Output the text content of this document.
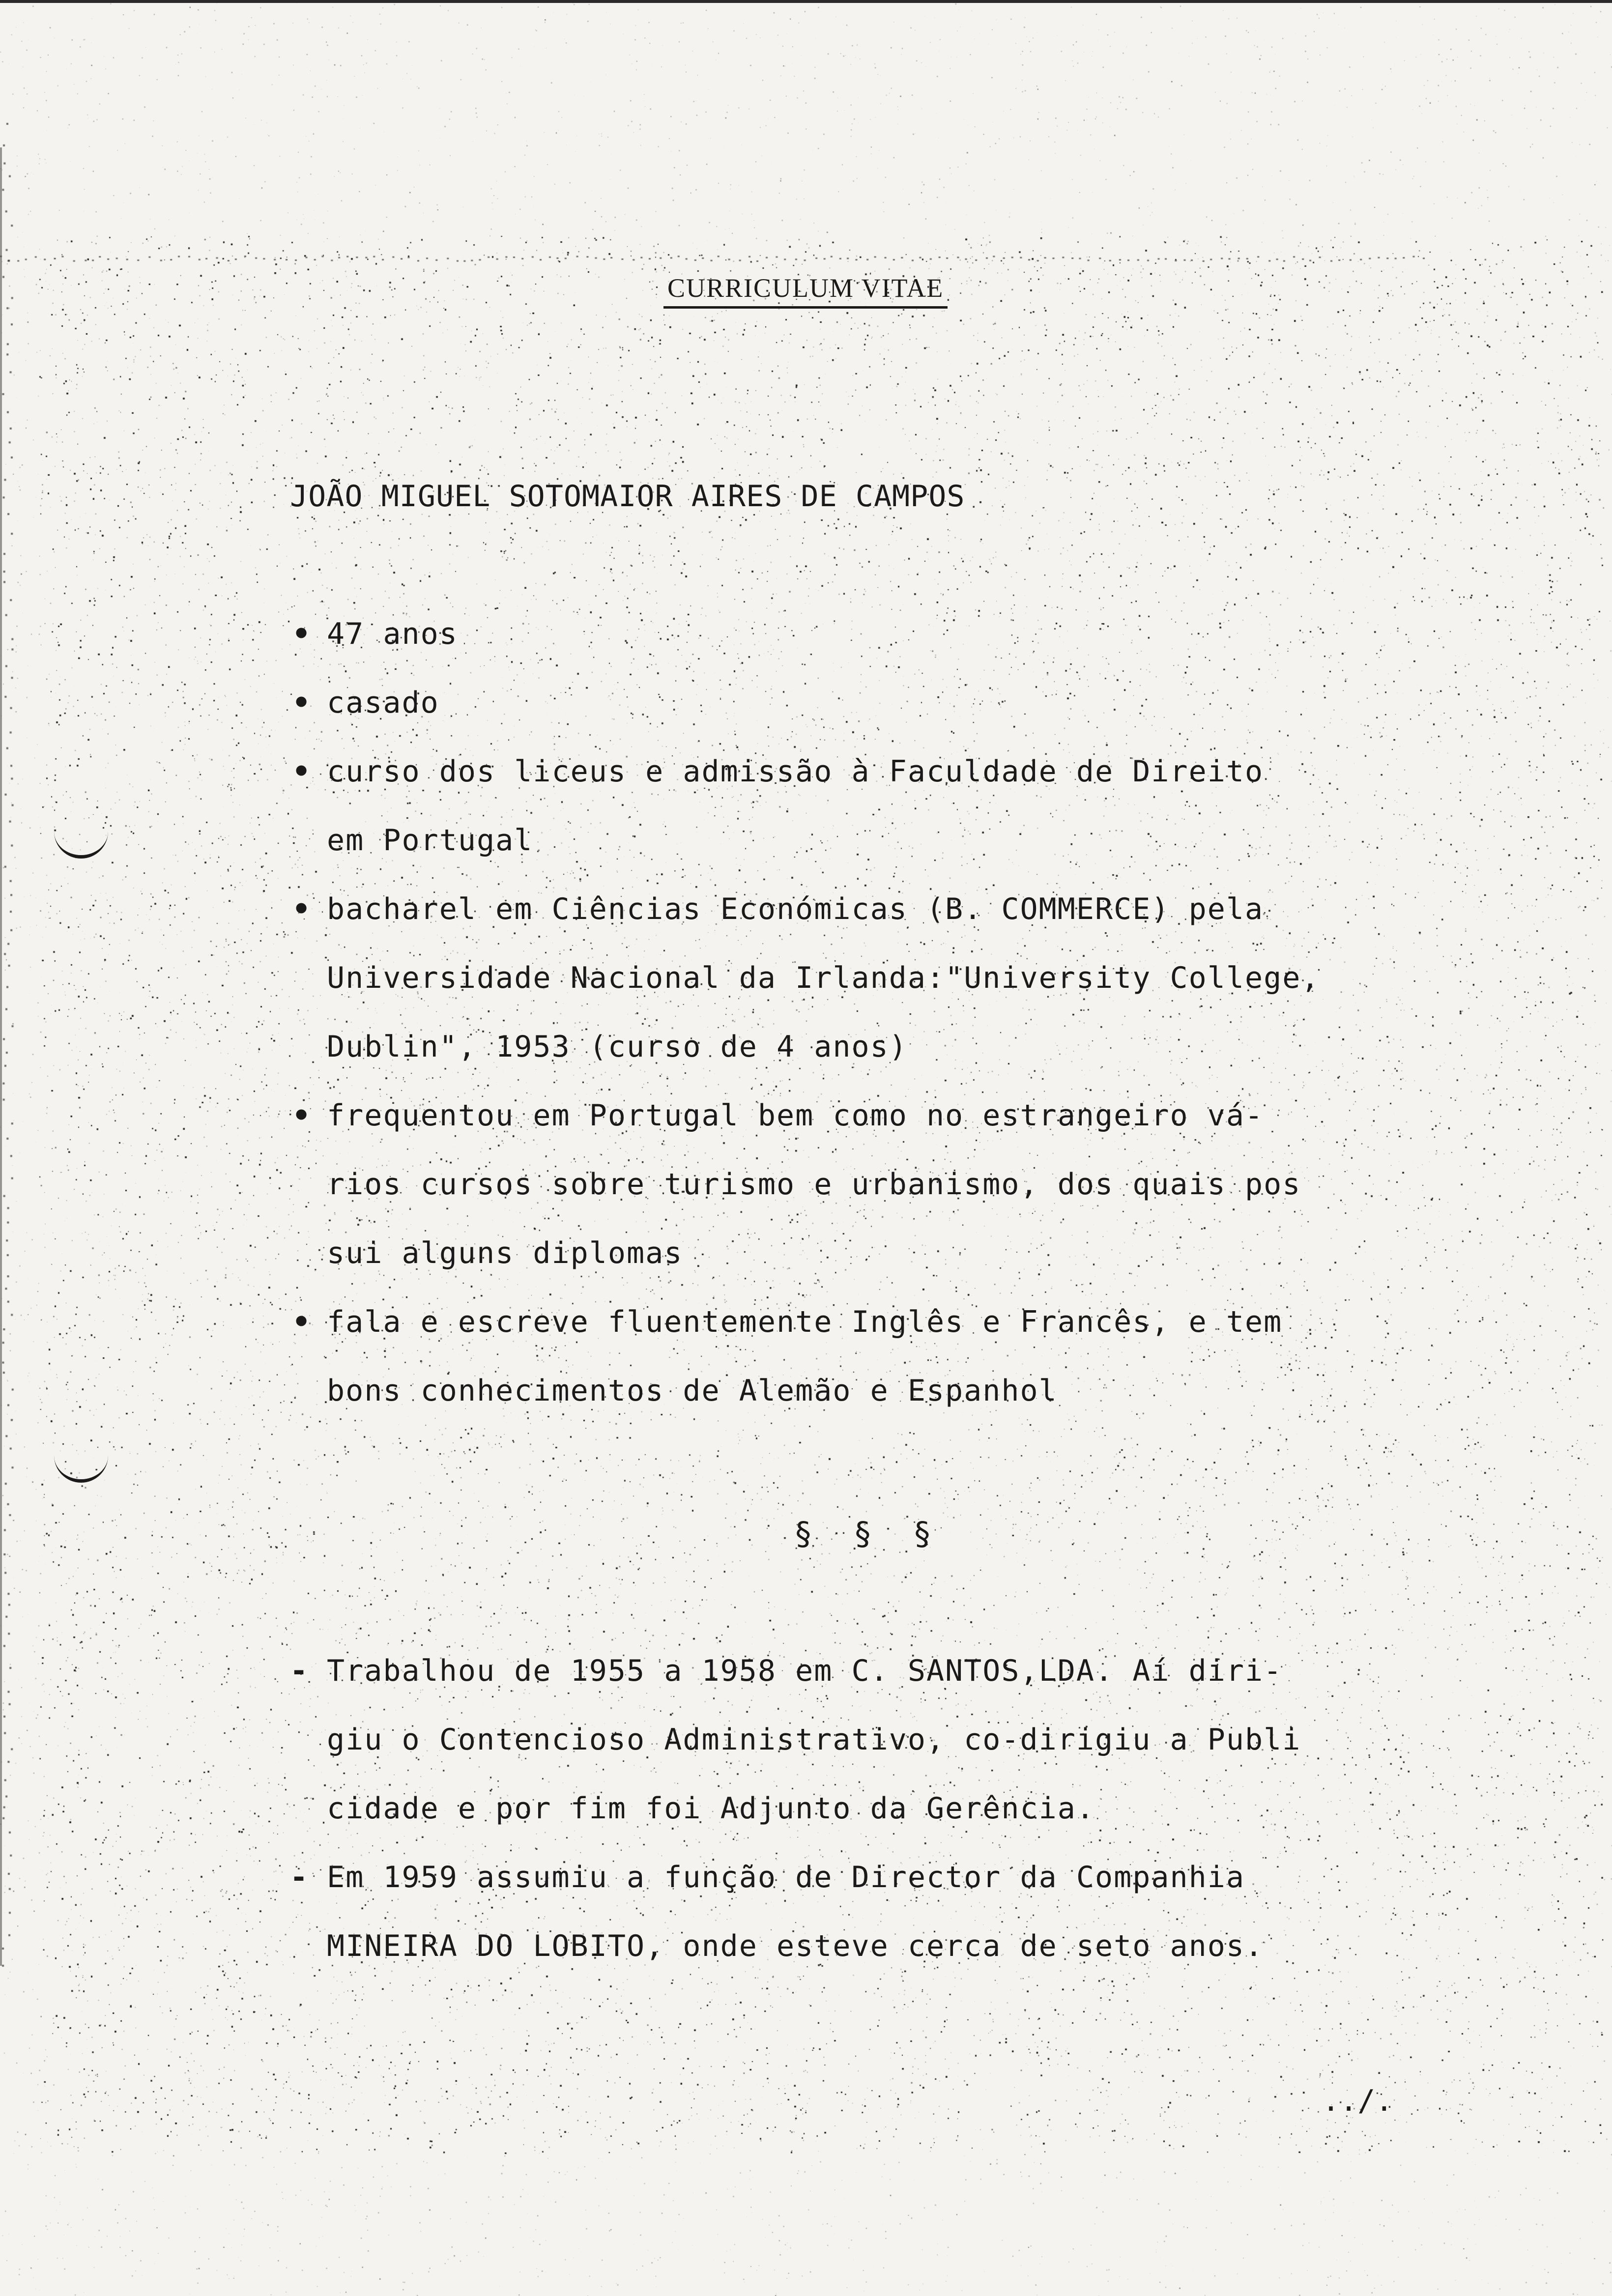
CURRICULUM VITAE
JOÃO MIGUEL SOTOMAIOR AIRES DE CAMPOS
• 47 anos
• casado
• curso dos liceus e admissão à Faculdade de Direito
em Portugal
• bacharel em Ciências Económicas (B. COMMERCE) pela
Universidade Nacional da Irlanda:"University College,
Dublin", 1953 (curso de 4 anos)
• frequentou em Portugal bem como no estrangeiro vá-
rios cursos sobre turismo e urbanismo, dos quais pos
sui alguns diplomas
• fala e escreve fluentemente Inglês e Francês, e tem
bons conhecimentos de Alemão e Espanhol
§ § §
- Trabalhou de 1955 a 1958 em C. SANTOS,LDA. Aí diri-
giu o Contencioso Administrativo, co-dirigiu a Publi
cidade e por fim foi Adjunto da Gerência.
- Em 1959 assumiu a função de Director da Companhia
MINEIRA DO LOBITO, onde esteve cerca de seto anos.
../.
